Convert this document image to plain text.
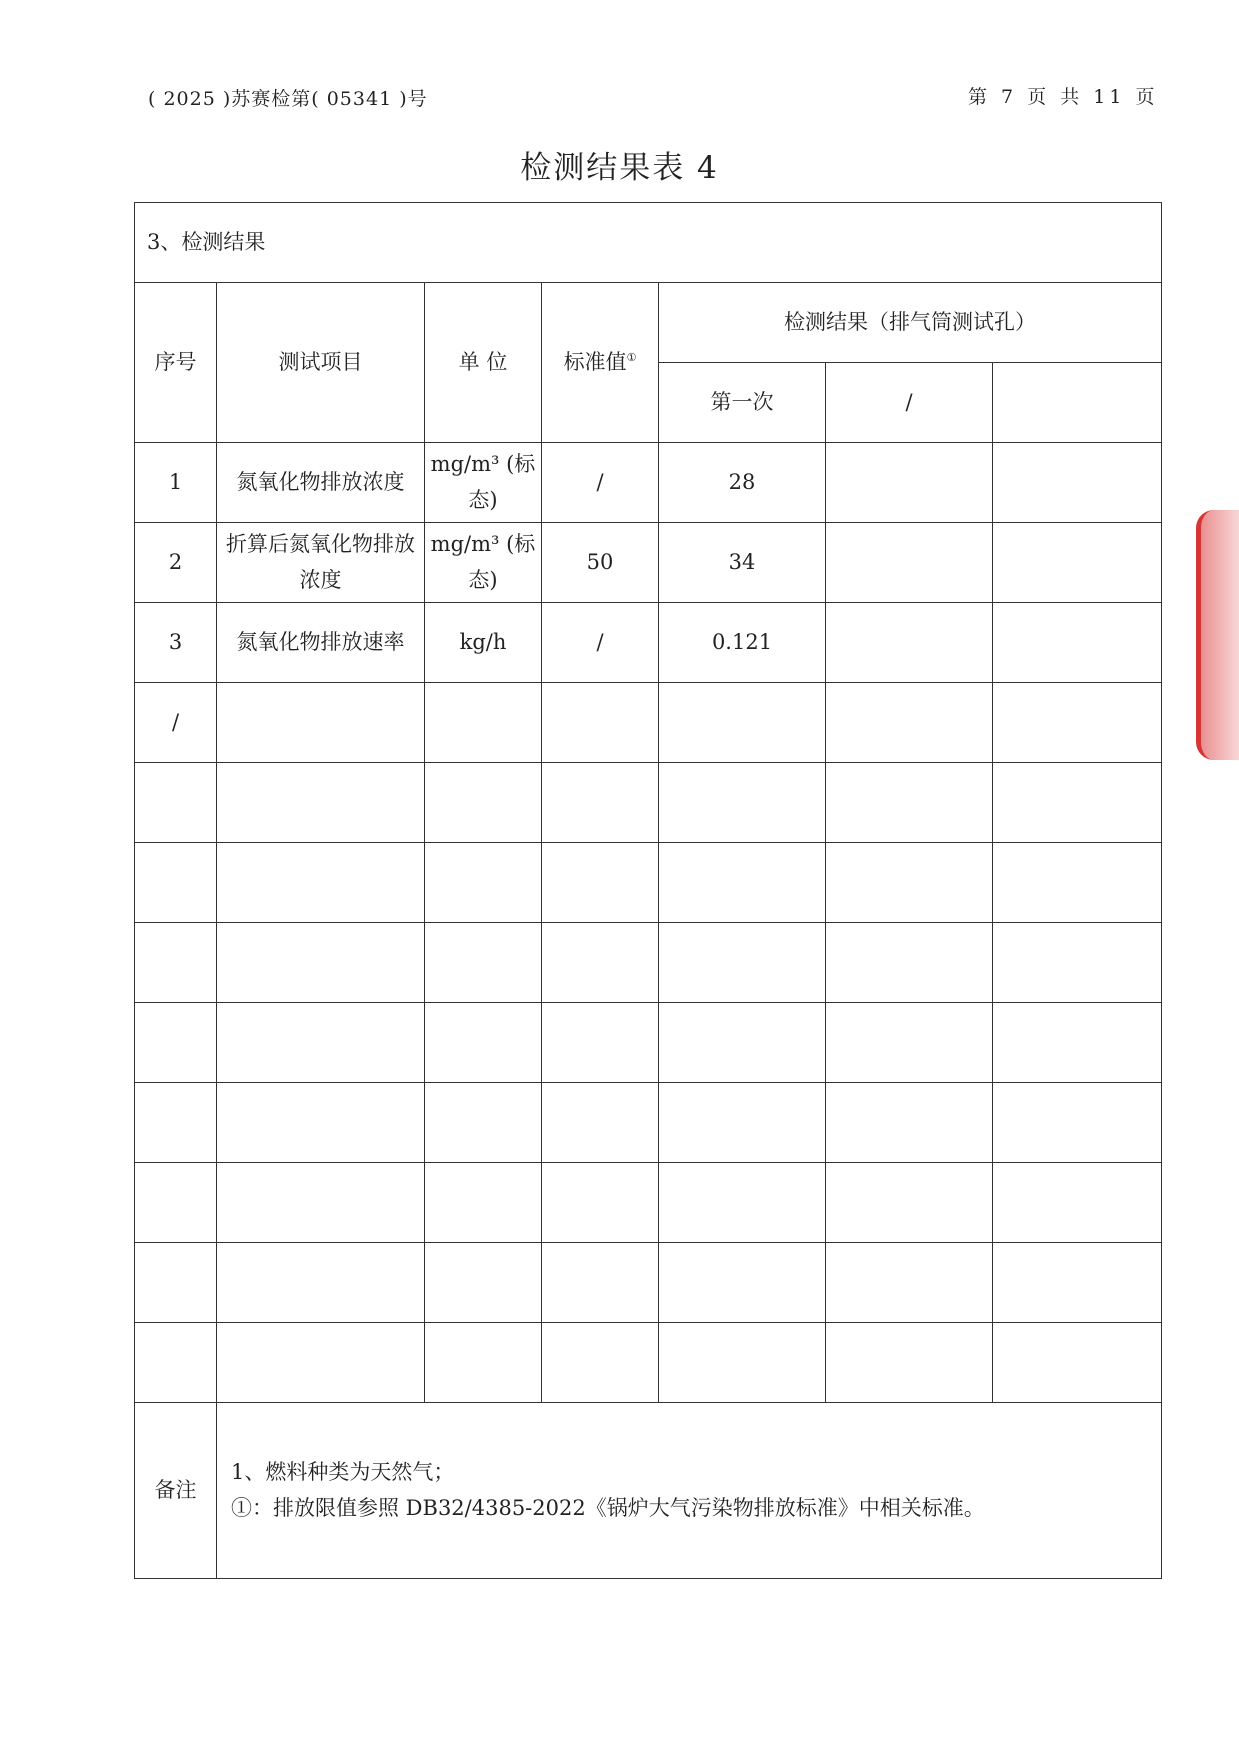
( 2025 )苏赛检第( 05341 )号	第 7 页 共 11 页
检测结果表 4
3、检测结果						
序号	测试项目	单 位	标准值①	检测结果（排气筒测试孔）		
				第一次	/	
1	氮氧化物排放浓度	mg/m³ (标态)	/	28		
2	折算后氮氧化物排放浓度	mg/m³ (标态)	50	34		
3	氮氧化物排放速率	kg/h	/	0.121		
/						

备注	1、燃料种类为天然气；
①：排放限值参照 DB32/4385-2022《锅炉大气污染物排放标准》中相关标准。					
